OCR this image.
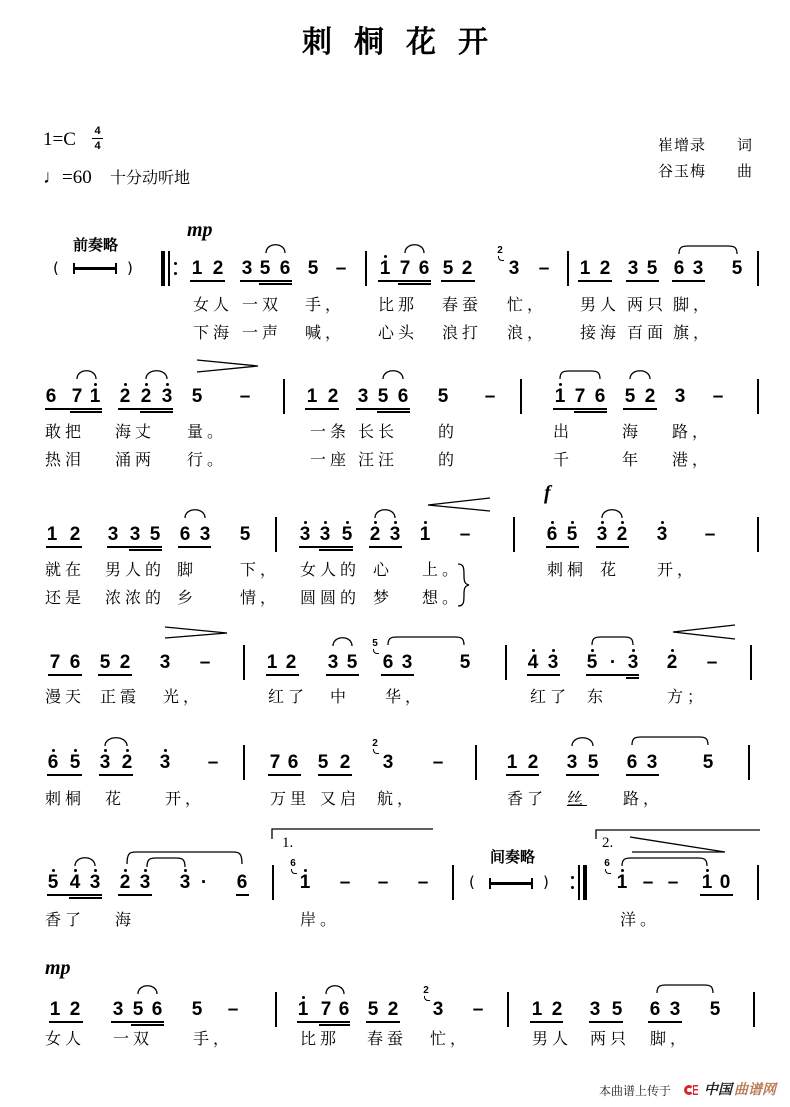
刺桐花开
1=C 4
4
♩=60 十分动听地
崔增录 词
谷玉梅 曲
mp
前奏略
(	)	1 2 3 5 6 5 – 1 7 6 5 2
2
3 – 1 2 3 5 6 3 5
女人 一双 手， 比那 春蚕 忙， 男人 两只 脚，
下海 一声 喊， 心头 浪打 浪， 接海 百面 旗，
6 7 1 2 2 3 5 –	1 2 3 5 6 5 –	1 7 6 5 2 3 –
敢把 海丈 量。	一条 长长 的	出	海 路，
热泪 涌两 行。	一座 汪汪 的	千	年 港，
f
1 2 3 3 5 6 3 5	3 3 5 2 3 1 –	6 5 3 2 3 –
就在 男人的 脚	下， 女人的 心 上。	刺桐 花 开，
还是 浓浓的 乡	情， 圆圆的 梦 想。
7 6 5 2 3 –	1 2 3 5
5
6 3 5	4 3 5 · 3 2 –
漫天 正霞 光，	红了 中 华，	红了 东	方；
6 5 3 2 3 –	7 6 5 2
2
3 –	1 2 3 5 6 3 5
刺桐 花 开，	万里 又启 航，	香了 丝 路，
5 4 3 2 3 3 · 6
1.
6
1 – – –
间奏略
(	)
2.
6
1 – – 1 0
香了 海	岸。	洋。
mp
1 2 3 5 6 5 –	1 7 6 5 2
2
3 –	1 2 3 5 6 3 5
女人 一双 手，	比那 春蚕 忙，	男人 两只 脚，
本曲谱上传于 中国 曲谱网
